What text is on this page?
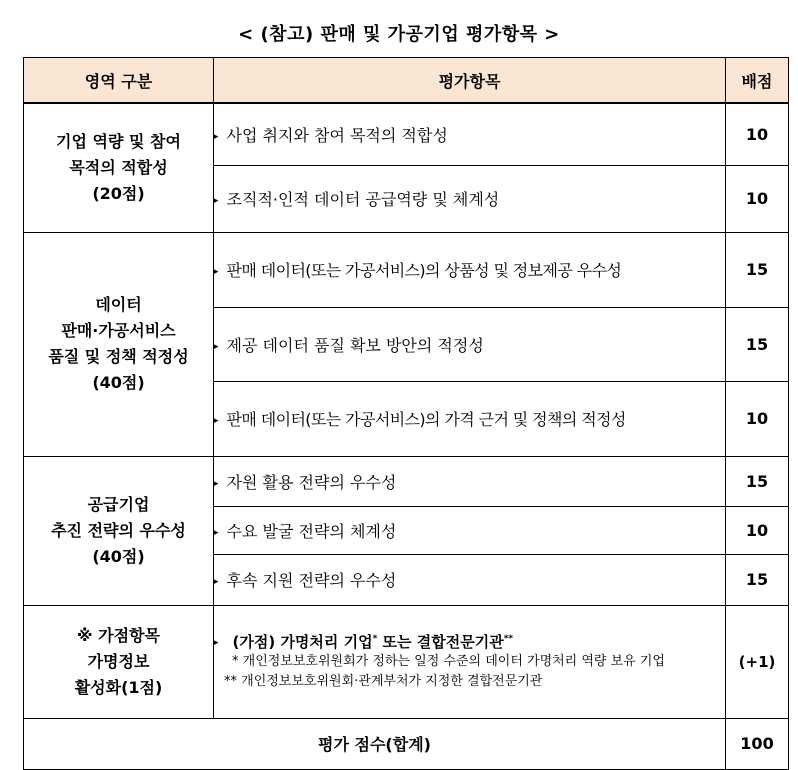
< (참고) 판매 및 가공기업 평가항목 >
영역 구분	평가항목	배점

기업 역량 및 참여
목적의 적합성
(20점)	▸ 사업 취지와 참여 목적의 적합성	10
	▸ 조직적·인적 데이터 공급역량 및 체계성	10

데이터
판매·가공서비스
품질 및 정책 적정성
(40점)	▸ 판매 데이터(또는 가공서비스)의 상품성 및 정보제공 우수성	15
	▸ 제공 데이터 품질 확보 방안의 적정성	15
	▸ 판매 데이터(또는 가공서비스)의 가격 근거 및 정책의 적정성	10

공급기업
추진 전략의 우수성
(40점)	▸ 자원 활용 전략의 우수성	15
	▸ 수요 발굴 전략의 체계성	10
	▸ 후속 지원 전략의 우수성	15

※ 가점항목
가명정보
활성화(1점)	▸ (가점) 가명처리 기업* 또는 결합전문기관**
* 개인정보보호위원회가 정하는 일정 수준의 데이터 가명처리 역량 보유 기업
** 개인정보보호위원회·관계부처가 지정한 결합전문기관	(+1)
평가 점수(합계)		100
